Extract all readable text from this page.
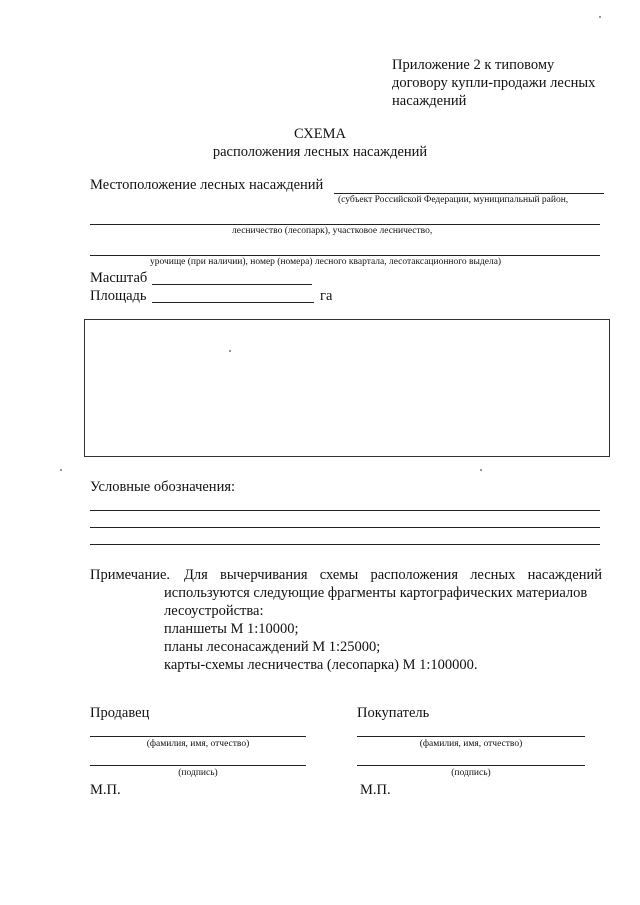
Приложение 2 к типовому договору купли-продажи лесных насаждений
СХЕМА
расположения лесных насаждений
Местоположение лесных насаждений
(субъект Российской Федерации, муниципальный район,
лесничество (лесопарк), участковое лесничество,
урочище (при наличии), номер (номера) лесного квартала, лесотаксационного выдела)
Масштаб
Площадь	га
Условные обозначения:
Примечание. Для вычерчивания схемы расположения лесных насаждений
используются следующие фрагменты картографических материалов
лесоустройства:
планшеты М 1:10000;
планы лесонасаждений М 1:25000;
карты-схемы лесничества (лесопарка) М 1:100000.
Продавец	Покупатель
(фамилия, имя, отчество)	(фамилия, имя, отчество)
(подпись)	(подпись)
М.П.	М.П.
